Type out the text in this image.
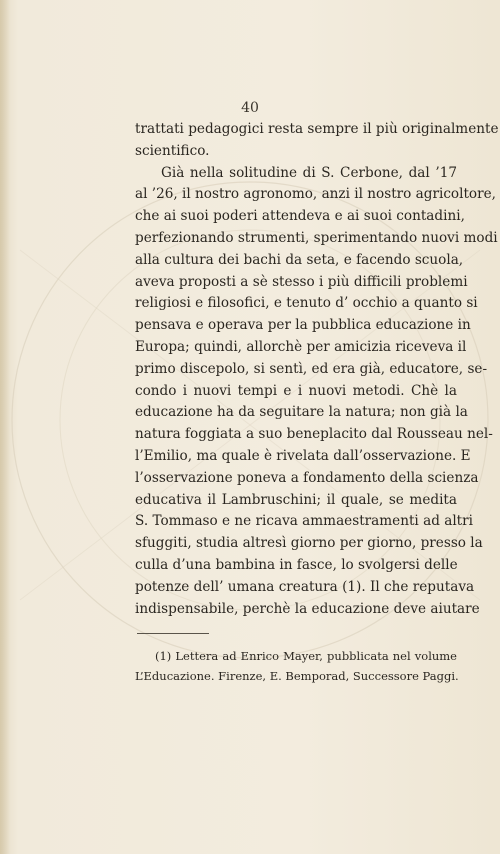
40
trattati pedagogici resta sempre il più originalmente
scientifico.
Già nella solitudine di S. Cerbone, dal ’17
al ’26, il nostro agronomo, anzi il nostro agricoltore,
che ai suoi poderi attendeva e ai suoi contadini,
perfezionando strumenti, sperimentando nuovi modi
alla cultura dei bachi da seta, e facendo scuola,
aveva proposti a sè stesso i più difficili problemi
religiosi e filosofici, e tenuto d’ occhio a quanto si
pensava e operava per la pubblica educazione in
Europa; quindi, allorchè per amicizia riceveva il
primo discepolo, si sentì, ed era già, educatore, se-
condo i nuovi tempi e i nuovi metodi. Chè la
educazione ha da seguitare la natura; non già la
natura foggiata a suo beneplacito dal Rousseau nel-
l’Emilio, ma quale è rivelata dall’osservazione. E
l’osservazione poneva a fondamento della scienza
educativa il Lambruschini; il quale, se medita
S. Tommaso e ne ricava ammaestramenti ad altri
sfuggiti, studia altresì giorno per giorno, presso la
culla d’una bambina in fasce, lo svolgersi delle
potenze dell’ umana creatura (1). Il che reputava
indispensabile, perchè la educazione deve aiutare
(1) Lettera ad Enrico Mayer, pubblicata nel volume
L’Educazione. Firenze, E. Bemporad, Successore Paggi.
